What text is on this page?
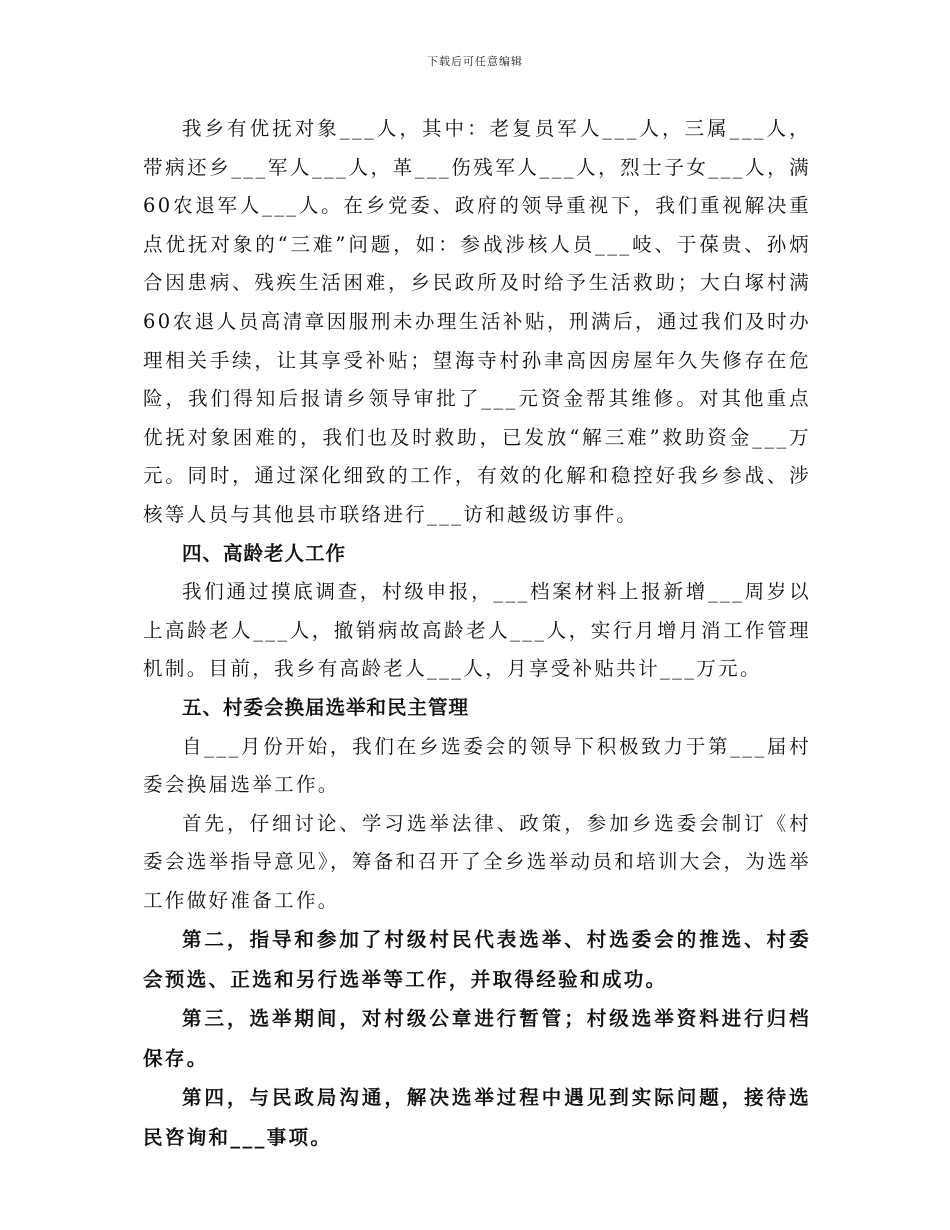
下载后可任意编辑

我乡有优抚对象___人，其中：老复员军人___人，三属___人，带病还乡___军人___人，革___伤残军人___人，烈士子女___人，满60农退军人___人。在乡党委、政府的领导重视下，我们重视解决重点优抚对象的“三难”问题，如：参战涉核人员___岐、于葆贵、孙炳合因患病、残疾生活困难，乡民政所及时给予生活救助；大白塚村满60农退人员高清章因服刑未办理生活补贴，刑满后，通过我们及时办理相关手续，让其享受补贴；望海寺村孙聿高因房屋年久失修存在危险，我们得知后报请乡领导审批了___元资金帮其维修。对其他重点优抚对象困难的，我们也及时救助，已发放“解三难”救助资金___万元。同时，通过深化细致的工作，有效的化解和稳控好我乡参战、涉核等人员与其他县市联络进行___访和越级访事件。

四、高龄老人工作

我们通过摸底调查，村级申报，___档案材料上报新增___周岁以上高龄老人___人，撤销病故高龄老人___人，实行月增月消工作管理机制。目前，我乡有高龄老人___人，月享受补贴共计___万元。

五、村委会换届选举和民主管理

自___月份开始，我们在乡选委会的领导下积极致力于第___届村委会换届选举工作。

首先，仔细讨论、学习选举法律、政策，参加乡选委会制订《村委会选举指导意见》，筹备和召开了全乡选举动员和培训大会，为选举工作做好准备工作。

第二，指导和参加了村级村民代表选举、村选委会的推选、村委会预选、正选和另行选举等工作，并取得经验和成功。

第三，选举期间，对村级公章进行暂管；村级选举资料进行归档保存。

第四，与民政局沟通，解决选举过程中遇见到实际问题，接待选民咨询和___事项。
